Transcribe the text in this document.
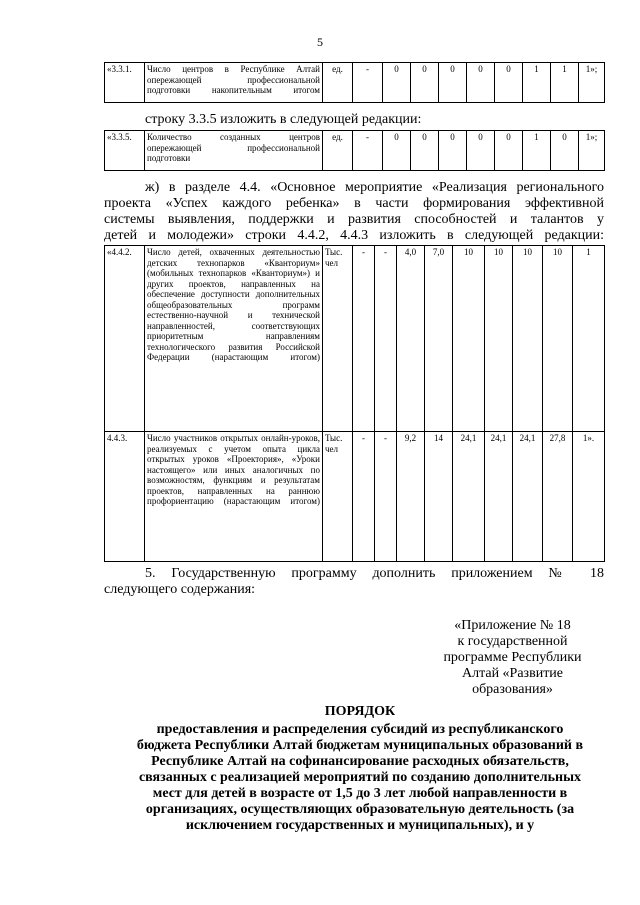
5
«3.3.1.	Число центров в Республике Алтай опережающей профессиональной подготовки накопительным итогом	ед.	-	0	0	0	0	0	1	1	1»;
строку 3.3.5 изложить в следующей редакции:
«3.3.5.	Количество созданных центров опережающей профессиональной подготовки	ед.	-	0	0	0	0	0	1	0	1»;
ж) в разделе 4.4. «Основное мероприятие «Реализация регионального
проекта «Успех каждого ребенка» в части формирования эффективной
системы выявления, поддержки и развития способностей и талантов у
детей и молодежи» строки 4.4.2, 4.4.3 изложить в следующей редакции:
«4.4.2.	Число детей, охваченных деятельностью детских технопарков «Кванториум» (мобильных технопарков «Кванториум») и других проектов, направленных на обеспечение доступности дополнительных общеобразовательных программ естественно-научной и технической направленностей, соответствующих приоритетным направлениям технологического развития Российской Федерации (нарастающим итогом)	Тыс. чел	-	-	4,0	7,0	10	10	10	10	1
4.4.3.	Число участников открытых онлайн-уроков, реализуемых с учетом опыта цикла открытых уроков «Проектория», «Уроки настоящего» или иных аналогичных по возможностям, функциям и результатам проектов, направленных на раннюю профориентацию (нарастающим итогом)	Тыс. чел	-	-	9,2	14	24,1	24,1	24,1	27,8	1».
5. Государственную программу дополнить приложением № 18
следующего содержания:
«Приложение № 18
к государственной
программе Республики
Алтай «Развитие
образования»
ПОРЯДОК
предоставления и распределения субсидий из республиканского
бюджета Республики Алтай бюджетам муниципальных образований в
Республике Алтай на софинансирование расходных обязательств,
связанных с реализацией мероприятий по созданию дополнительных
мест для детей в возрасте от 1,5 до 3 лет любой направленности в
организациях, осуществляющих образовательную деятельность (за
исключением государственных и муниципальных), и у
